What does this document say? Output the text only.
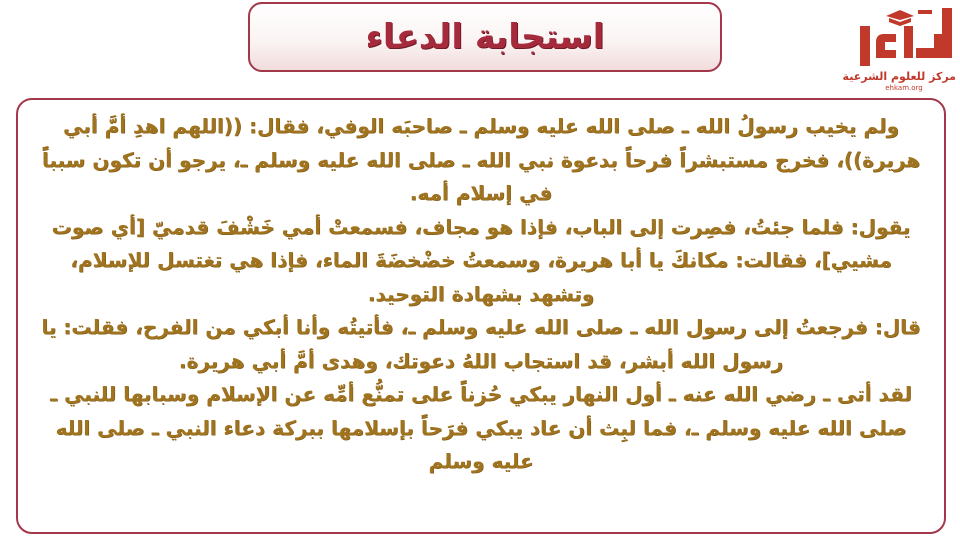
استجابة الدعاء
مركز للعلوم الشرعية
ehkam.org

ولم يخيب رسولُ الله ـ صلى الله عليه وسلم ـ صاحبَه الوفي، فقال: ((اللهم اهدِ أمَّ أبي هريرة))، فخرج مستبشراً فرحاً بدعوة نبي الله ـ صلى الله عليه وسلم ـ، يرجو أن تكون سبباً في إسلام أمه.

يقول: فلما جئتُ، فصِرت إلى الباب، فإذا هو مجاف، فسمعتْ أمي خَشْفَ قدميّ [أي صوت مشيي]، فقالت: مكانكَ يا أبا هريرة، وسمعتُ خضْخضَةَ الماء، فإذا هي تغتسل للإسلام، وتشهد بشهادة التوحيد.

قال: فرجعتُ إلى رسول الله ـ صلى الله عليه وسلم ـ، فأتيتُه وأنا أبكي من الفرح، فقلت: يا رسول الله أبشر، قد استجاب اللهُ دعوتك، وهدى أمَّ أبي هريرة.

لقد أتى ـ رضي الله عنه ـ أول النهار يبكي حُزناً على تمنُّع أمِّه عن الإسلام وسبابها للنبي ـ صلى الله عليه وسلم ـ، فما لبِث أن عاد يبكي فرَحاً بإسلامها ببركة دعاء النبي ـ صلى الله عليه وسلم
